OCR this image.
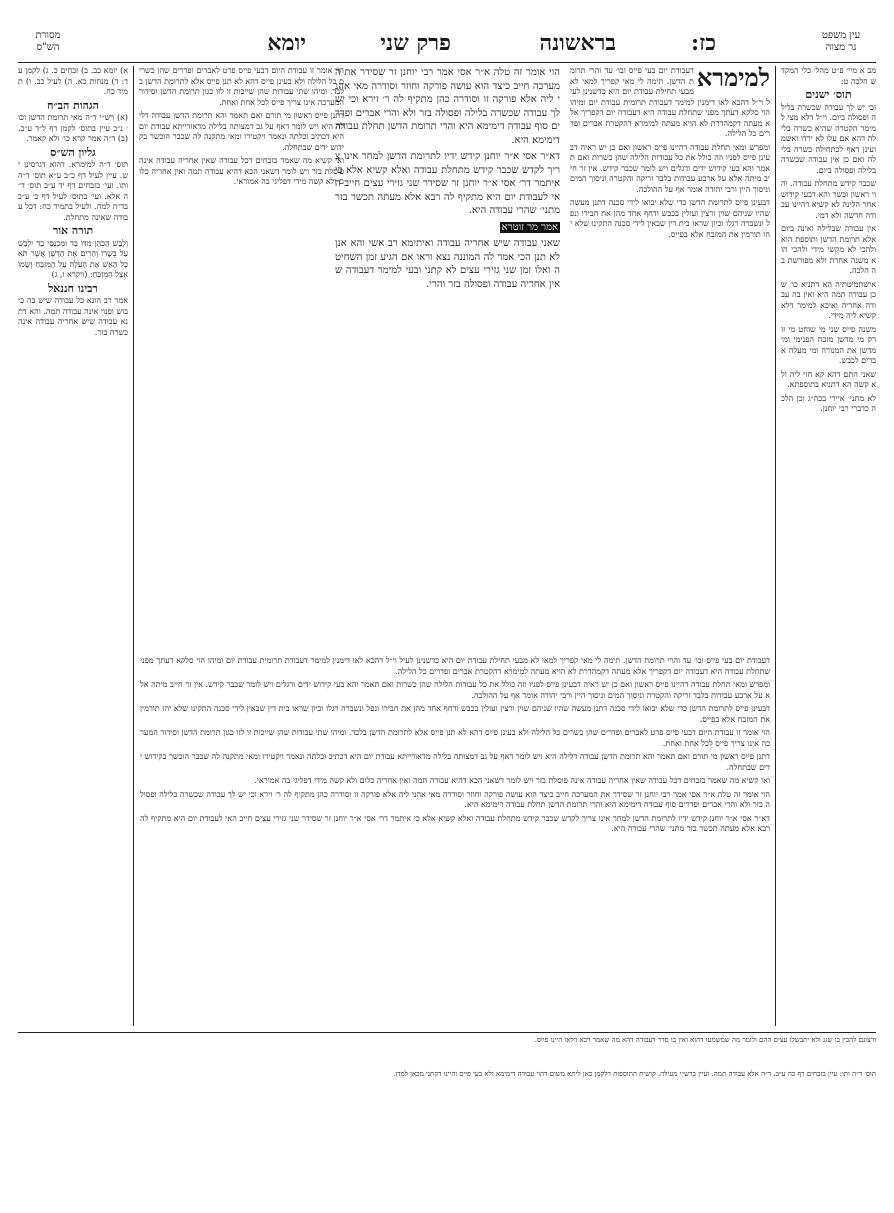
עין משפט
נר מצוה
כז:
בראשונה
פרק שני
יומא
מסורת
הש"ס

מב א מיי׳ פ״ט מהל׳ כלי המקדש הלכה ט:

תוס׳ ישנים

וכי יש לך עבודה שכשרה בלילה ופסולה ביום. וי״ל דלא מצי למימר הקטרה שהיא כשרה בלילה דהא אם עלו לא ירדו ואשמועינן דאף לכתחילה כשרה בלילה ואם כן אין עבודה שכשרה בלילה ופסולה ביום.

שכבר קידש מתחלת עבודה. והוי ראשון וכשר והא דבעי קידוש אחר הלינה לא קשיא דהיינו עבודה חדשה ולא דמי.

אין עבודה שבלילה ואינה ביום אלא תרומת הדשן ותוספת הוא ולהכי לא מקשי מידי ולהכי הוא משנה אחרת ולא מפורשת בה הלכה.

אישתמיטתיה הא דתניא כו׳ שכן עבודה תמה היא ואין בה עבודה אחריה ואיכא למימר דלא קשיא ליה מידי.

משנה פייס שני מי שוחט מי זורק מי מדשן מזבח הפנימי ומי מדשן את המנורה ומי מעלה אברים לכבש.

שאני התם דהא קא חזי ליה ולא קשה הא דתניא בתוספתא.

לא מתני׳ איירי בכה״ג וכן הלכה כדברי רבי יוחנן.

א) יומא כב. ב) זבחים כ. ג) לקמן עד: ד) מנחות כא. ה) לעיל כב. ו) תמיד כח.

הגהות הב״ח

(א) רש״י ד״ה מאי תרומת הדשן וכו׳ נ״ב עיין בתוס׳ לקמן דף ל״ד ע״ב. (ב) ד״ה אמר קרא כו׳ ולא קאמר.

גליון הש״ס

תוס׳ ד״ה למימרא. דהוא דגרסינן יש. עיין לעיל דף כ״ב ע״א תוס׳ ד״ה ותו. ועי׳ בזבחים דף יד ע״ב תוס׳ ד״ה אלא. ועי׳ בתוס׳ לעיל דף כ׳ ע״ב בד״ה למה. ולעיל בתמיד כח: דכל עבודה שאינה מתחלת.

תורה אור

וְלָבַשׁ הַכֹּהֵן מִדּוֹ בַד וּמִכְנְסֵי בַד יִלְבַּשׁ עַל בְּשָׂרוֹ וְהֵרִים אֶת הַדֶּשֶׁן אֲשֶׁר תֹּאכַל הָאֵשׁ אֶת הָעֹלָה עַל הַמִּזְבֵּחַ וְשָׂמוֹ אֵצֶל הַמִּזְבֵּחַ: (ויקרא ו, ג)

רבינו חננאל

אמר רב הונא כל עבודה שיש בה כיבוש ופנוי אינה עבודה תמה. והא דתנא עבודה שיש אחריה עבודה אינה כשרה בזר.

למימרא

דעבודת יום בעי פייס ובו׳ עד והרי תרומת הדשן. תימה לי מאי קפריך למאי לא מבעי תחילת עבודת יום היא כדשנינן לעיל וי״ל דהכא לאו דימנין למימר דעבודת תרומית עבודת יום ומיהו הוי סלקא דעתך מפני שתחלת עבודה היא דעבודה יום דקפריך אלא מעתה דקמהדרת לא הויא מעתה למימרא דהקטרת אברים ופדרים כל הלילה.

ומפרש ומאי תחלת עבודה דהיינו פייס ראשון ואם כן יש ראיה דבעינן פייס לפניו וזה כולל את כל עבודות הלילה שהן כשרות ואם תאמר והא בעי קידוש ידים ורגלים ויש לומר שכבר קידש. אין זר חייב מיתה אלא על ארבע עבודות בלבד זריקה והקטרה וניסוך המים וניסוך היין ורבי יהודה אומר אף על ההולכה.

דבעינן פייס לתרומת הדשן כדי שלא יבואו לידי סכנה דתנן מעשה שהיו שניהם שוין ורצין ועולין בכבש ודחף אחד מהן את חבירו ונפל ונשברה רגלו וכיון שראו בית דין שבאין לידי סכנה התקינו שלא יהו תורמין את המזבח אלא בפייס.

הוי אומר זה טלה א״ר אסי אמר רבי יוחנן זר שסידר את המערכה חייב כיצד הוא עושה פורקה וחוזר וסודרה מאי אהני ליה אלא פורקה זו וסודרה כהן מתקיף לה ר׳ זירא וכי יש לך עבודה שכשרה בלילה ופסולה בזר ולא והרי אברים ופדרים סוף עבודה דימימא היא והרי תרומת הדשן תחלת עבודה דימימא היא.

דא״ר אסי א״ר יוחנן קידש ידיו לתרומת הדשן למחר אינו צריך לקדש שכבר קידש מתחלת עבודה ואלא קשיא אלא כי איתמר דר׳ אסי א״ר יוחנן זר שסידר שני גזירי עצים חייב האי לעבודת יום היא מתקיף לה רבא אלא מעתה תכשר בזר מתני׳ שהרי עבודה היא.

אמר מר זוטרא

שאני עבודה שיש אחריה עבודה ואיתימא רב אשי והא אנן לא תנן הכי אמר לה המוננה נצא וראו אם הגיע זמן השחיטה ואלו זמן שני גזירי עצים לא קתני ובעי למימר דעבודה שאין אחריה עבודה ופסולה בזר והרי.

הוי אומר זו עבודת היום דבעי פייס פרט לאברים ופדרים שהן כשרים כל הלילה ולא בעינן פייס דהא לא תנן פייס אלא לתרומת הדשן בלבד. ומיהו שתי עבודות שהן שייכות זו לזו כגון תרומת הדשן וסידור המערכה אינו צריך פייס לכל אחת ואחת.

דתנן פייס ראשון מי תורם ואם תאמר והא תרומת הדשן עבודה דלילה היא ויש לומר דאף על גב דמצותה בלילה מדאורייתא עבודת יום היא דכתיב וכלתה ונאמר ויקטירו ומאי מתקנה לה שכבר הוכשר בקידוש ידים שבתחלה.

ואי קשיא מה שאמר בזבחים דכל עבודה שאין אחריה עבודה אינה פוסלת בזר ויש לומר דשאני הכא דהיא עבודה תמה ואין אחריה כלום ולא קשה מידי דפליגי בה אמוראי.

דעבודת יום בעי פייס ובו׳ עד והרי תרומת הדשן. תימה לי מאי קפריך למאי לא מבעי תחילת עבודת יום היא כדשנינן לעיל וי״ל דהכא לאו דימנין למימר דעבודת תרומית עבודת יום ומיהו הוי סלקא דעתך מפני שתחלת עבודה היא דעבודה יום דקפריך אלא מעתה דקמהדרת לא הויא מעתה למימרא דהקטרת אברים ופדרים כל הלילה.

ומפרש ומאי תחלת עבודה דהיינו פייס ראשון ואם כן יש ראיה דבעינן פייס לפניו וזה כולל את כל עבודות הלילה שהן כשרות ואם תאמר והא בעי קידוש ידים ורגלים ויש לומר שכבר קידש. אין זר חייב מיתה אלא על ארבע עבודות בלבד זריקה והקטרה וניסוך המים וניסוך היין ורבי יהודה אומר אף על ההולכה.

דבעינן פייס לתרומת הדשן כדי שלא יבואו לידי סכנה דתנן מעשה שהיו שניהם שוין ורצין ועולין בכבש ודחף אחד מהן את חבירו ונפל ונשברה רגלו וכיון שראו בית דין שבאין לידי סכנה התקינו שלא יהו תורמין את המזבח אלא בפייס.

הוי אומר זו עבודת היום דבעי פייס פרט לאברים ופדרים שהן כשרים כל הלילה ולא בעינן פייס דהא לא תנן פייס אלא לתרומת הדשן בלבד. ומיהו שתי עבודות שהן שייכות זו לזו כגון תרומת הדשן וסידור המערכה אינו צריך פייס לכל אחת ואחת.

דתנן פייס ראשון מי תורם ואם תאמר והא תרומת הדשן עבודה דלילה היא ויש לומר דאף על גב דמצותה בלילה מדאורייתא עבודת יום היא דכתיב וכלתה ונאמר ויקטירו ומאי מתקנה לה שכבר הוכשר בקידוש ידים שבתחלה.

ואי קשיא מה שאמר בזבחים דכל עבודה שאין אחריה עבודה אינה פוסלת בזר ויש לומר דשאני הכא דהיא עבודה תמה ואין אחריה כלום ולא קשה מידי דפליגי בה אמוראי.

הוי אומר זה טלה א״ר אסי אמר רבי יוחנן זר שסידר את המערכה חייב כיצד הוא עושה פורקה וחוזר וסודרה מאי אהני ליה אלא פורקה זו וסודרה כהן מתקיף לה ר׳ זירא וכי יש לך עבודה שכשרה בלילה ופסולה בזר ולא והרי אברים ופדרים סוף עבודה דימימא היא והרי תרומת הדשן תחלת עבודה דימימא היא.

דא״ר אסי א״ר יוחנן קידש ידיו לתרומת הדשן למחר אינו צריך לקדש שכבר קידש מתחלת עבודה ואלא קשיא אלא כי איתמר דר׳ אסי א״ר יוחנן זר שסידר שני גזירי עצים חייב האי לעבודת יום היא מתקיף לה רבא אלא מעתה תכשר בזר מתני׳ שהרי עבודה היא.

ורצונם להכין בו שגג ולא יתבשלו עצים ההם ולומר מה שמשמעו דהוא ואין בו סדר דעבודה דהא מה שאמר רבא דלאו היינו פייס.
תוס׳ ד״ה ותו: עיין בזבחים דף כה ע״ב. ד״ה אלא עבודה תמה. ועיין ברש״י מעילה. קושית התוספות דלקמן כאן ליתא משום דהוי עבודה דימימא ולא בעי פייס והיינו דקתני מכאן למדו.
